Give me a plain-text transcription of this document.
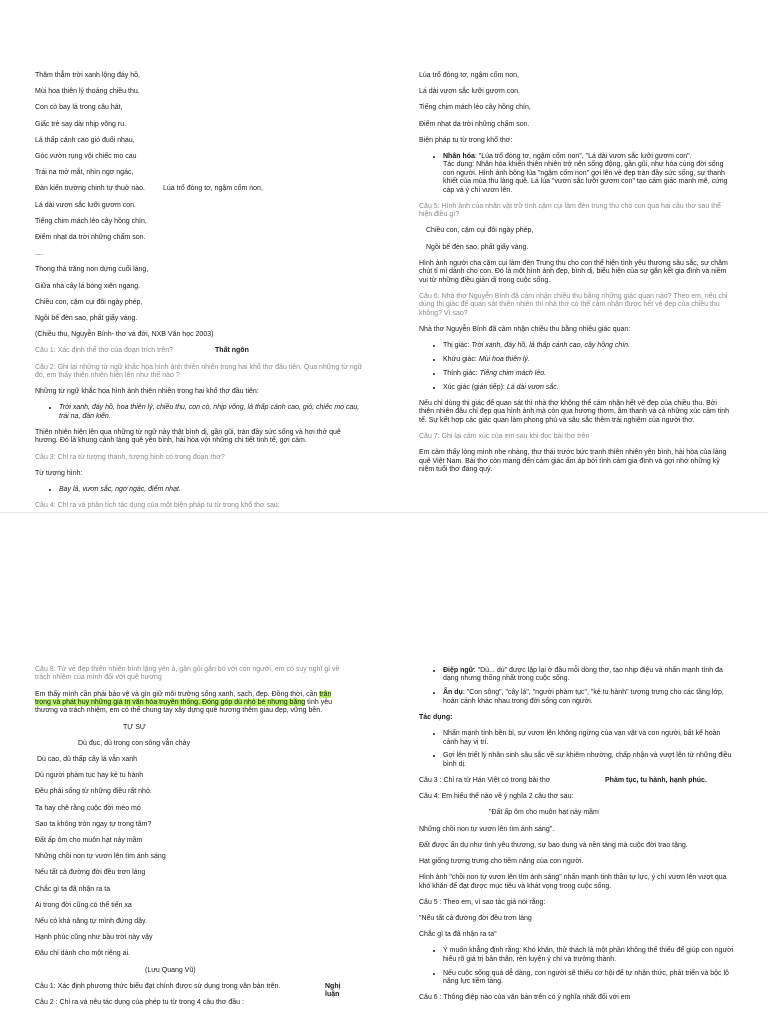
Thăm thẳm trời xanh lộng đáy hồ,
Mùi hoa thiên lý thoảng chiều thu.
Con cò bay lả trong câu hát,
Giấc trẻ say dài nhịp võng ru.
Lả thấp cánh cao gió đuổi nhau,
Góc vườn rụng vội chiếc mo cau
Trái na mở mắt, nhìn ngơ ngác,
Đàn kiến trường chinh tự thuở nào.	Lúa trổ đòng tơ, ngậm cốm non,
Lá dài vươn sắc lưỡi gươm con.
Tiếng chim mách lẻo cây hồng chín,
Điểm nhạt da trời những chấm son.
....
Thong thả trăng non dựng cuối làng,
Giữa nhà cây lá bóng xiên ngang.
Chiều con, cặm cụi đôi ngày phép,
Ngồi bế đèn sao, phất giấy vàng.
(Chiều thu, Nguyễn Bính- thơ và đời, NXB Văn học 2003)
Câu 1: Xác định thể thơ của đoạn trích trên?	Thất ngôn
Câu 2: Ghi lại những từ ngữ khắc họa hình ảnh thiên nhiên trong hai khổ thơ đầu tiên. Qua những từ ngữ đó, em thấy thiên nhiên hiện lên như thế nào ?
Những từ ngữ khắc họa hình ảnh thiên nhiên trong hai khổ thơ đầu tiên:
• Trời xanh, đáy hồ, hoa thiên lý, chiều thu, con cò, nhịp võng, lả thấp cánh cao, gió, chiếc mo cau, trái na, đàn kiến.
Thiên nhiên hiện lên qua những từ ngữ này thật bình dị, gần gũi, tràn đầy sức sống và hơi thở quê hương. Đó là khung cảnh làng quê yên bình, hài hòa với những chi tiết tinh tế, gợi cảm.
Câu 3: Chỉ ra từ tượng thanh, tượng hình có trong đoạn thơ?
Từ tượng hình:
• Bay lả, vươn sắc, ngơ ngác, điểm nhạt.
Câu 4: Chỉ ra và phân tích tác dụng của một biện pháp tu từ trong khổ thơ sau:
Lúa trổ đòng tơ, ngậm cốm non,
Lá dài vươn sắc lưỡi gươm con.
Tiếng chim mách lẻo cây hồng chín,
Điểm nhạt da trời những chấm son.
Biện pháp tu từ trong khổ thơ:
• Nhân hóa: "Lúa trổ đòng tơ, ngậm cốm non", "Lá dài vươn sắc lưỡi gươm con".
Tác dụng: Nhân hóa khiến thiên nhiên trở nên sống động, gần gũi, như hòa cùng đời sống con người. Hình ảnh bông lúa "ngậm cốm non" gợi lên vẻ đẹp tràn đầy sức sống, sự thanh khiết của mùa thu làng quê. Lá lúa "vươn sắc lưỡi gươm con" tạo cảm giác mạnh mẽ, cứng cáp và ý chí vươn lên.
Câu 5: Hình ảnh của nhân vật trữ tình cặm cụi làm đèn trung thu cho con qua hai câu thơ sau thể hiện điều gì?
Chiều con, cặm cụi đôi ngày phép,
Ngồi bế đèn sao, phất giấy vàng.
Hình ảnh người cha cặm cụi làm đèn Trung thu cho con thể hiện tình yêu thương sâu sắc, sự chăm chút tỉ mỉ dành cho con. Đó là một hình ảnh đẹp, bình dị, biểu hiện của sự gắn kết gia đình và niềm vui từ những điều giản dị trong cuộc sống.
Câu 6: Nhà thơ Nguyễn Bính đã cảm nhận chiều thu bằng những giác quan nào? Theo em, nếu chỉ dùng thị giác để quan sát thiên nhiên thì nhà thơ có thể cảm nhận được hết vẻ đẹp của chiều thu không? Vì sao?
Nhà thơ Nguyễn Bính đã cảm nhận chiều thu bằng nhiều giác quan:
• Thị giác: Trời xanh, đáy hồ, lả thấp cánh cao, cây hồng chín.
• Khứu giác: Mùi hoa thiên lý.
• Thính giác: Tiếng chim mách lẻo.
• Xúc giác (gián tiếp): Lá dài vươn sắc.
Nếu chỉ dùng thị giác để quan sát thì nhà thơ không thể cảm nhận hết vẻ đẹp của chiều thu. Bởi thiên nhiên đâu chỉ đẹp qua hình ảnh mà còn qua hương thơm, âm thanh và cả những xúc cảm tinh tế. Sự kết hợp các giác quan làm phong phú và sâu sắc thêm trải nghiệm của người thơ.
Câu 7: Ghi lại cảm xúc của em sau khi đọc bài thơ trên
Em cảm thấy lòng mình nhẹ nhàng, thư thái trước bức tranh thiên nhiên yên bình, hài hòa của làng quê Việt Nam. Bài thơ còn mang đến cảm giác ấm áp bởi tình cảm gia đình và gợi nhớ những kỷ niệm tuổi thơ đáng quý.
Câu 8: Từ vẻ đẹp thiên nhiên bình lặng yên ả, gần gũi gắn bó với con người, em có suy nghĩ gì về trách nhiệm của mình đối với quê hương
Em thấy mình cần phải bảo vệ và gìn giữ môi trường sống xanh, sạch, đẹp. Đồng thời, cần trân trọng và phát huy những giá trị văn hóa truyền thống. Đóng góp dù nhỏ bé nhưng bằng tình yêu thương và trách nhiệm, em có thể chung tay xây dựng quê hương thêm giàu đẹp, vững bền.
TỰ SỰ
Dù đục, dù trong con sông vẫn chảy
Dù cao, dù thấp cây lá vẫn xanh
Dù người phàm tục hay kẻ tu hành
Đều phải sống từ những điều rất nhỏ.
Ta hay chê rằng cuộc đời méo mó
Sao ta không tròn ngay tự trong tâm?
Đất ấp ôm cho muôn hạt nảy mầm
Những chồi non tự vươn lên tìm ánh sáng
Nếu tất cả đường đời đều trơn láng
Chắc gì ta đã nhận ra ta
Ai trong đời cũng có thể tiến xa
Nếu có khả năng tự mình đứng dậy.
Hạnh phúc cũng như bầu trời này vậy
Đâu chỉ dành cho một riêng ai.
(Lưu Quang Vũ)
Câu 1: Xác định phương thức biểu đạt chính được sử dụng trong văn bản trên.	Nghị luận
Câu 2 : Chỉ ra và nêu tác dụng của phép tu từ trong 4 câu thơ đầu :
• Điệp ngữ: "Dù... dù" được lặp lại ở đầu mỗi dòng thơ, tạo nhịp điệu và nhấn mạnh tính đa dạng nhưng thống nhất trong cuộc sống.
• Ẩn dụ: "Con sông", "cây lá", "người phàm tục", "kẻ tu hành" tượng trưng cho các tầng lớp, hoàn cảnh khác nhau trong đời sống con người.
Tác dụng:
• Nhấn mạnh tính bền bỉ, sự vươn lên không ngừng của vạn vật và con người, bất kể hoàn cảnh hay vị trí.
• Gợi lên triết lý nhân sinh sâu sắc về sự khiêm nhường, chấp nhận và vượt lên từ những điều bình dị.
Câu 3 : Chỉ ra từ Hán Việt có trong bài thơ	Phàm tục, tu hành, hạnh phúc.
Câu 4: Em hiểu thế nào về ý nghĩa 2 câu thơ sau:
"Đất ấp ôm cho muôn hạt nảy mầm
Những chồi non tự vươn lên tìm ánh sáng".
Đất được ẩn dụ như tình yêu thương, sự bao dung và nền tảng mà cuộc đời trao tặng.
Hạt giống tượng trưng cho tiềm năng của con người.
Hình ảnh "chồi non tự vươn lên tìm ánh sáng" nhấn mạnh tinh thần tự lực, ý chí vươn lên vượt qua khó khăn để đạt được mục tiêu và khát vọng trong cuộc sống.
Câu 5 : Theo em, vì sao tác giả nói rằng:
"Nếu tất cả đường đời đều trơn láng
Chắc gì ta đã nhận ra ta"
• Ý muốn khẳng định rằng: Khó khăn, thử thách là một phần không thể thiếu để giúp con người hiểu rõ giá trị bản thân, rèn luyện ý chí và trưởng thành.
• Nếu cuộc sống quá dễ dàng, con người sẽ thiếu cơ hội để tự nhận thức, phát triển và bộc lộ năng lực tiềm tàng.
Câu 6 : Thông điệp nào của văn bản trên có ý nghĩa nhất đối với em
